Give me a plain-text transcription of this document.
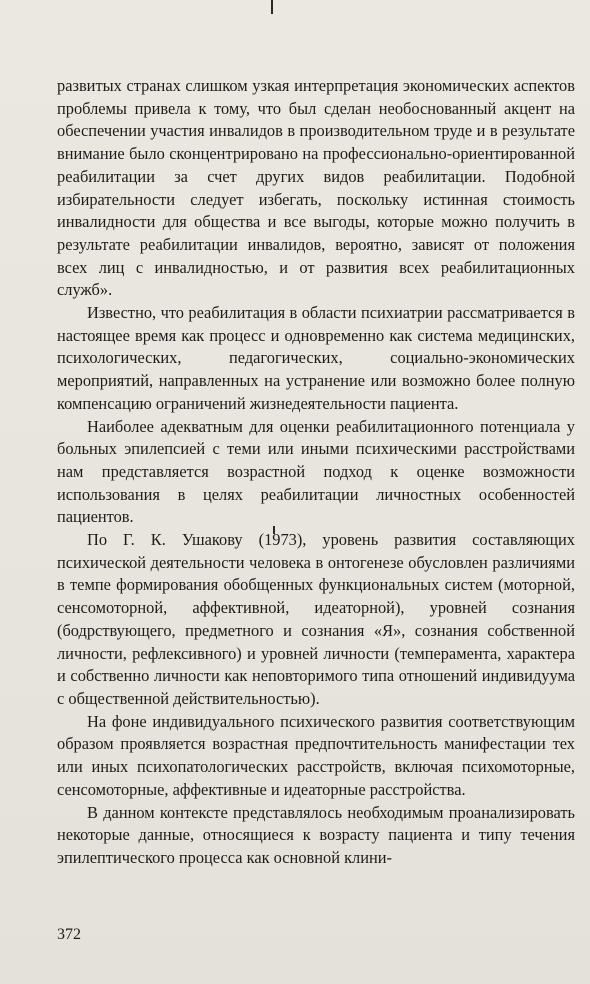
развитых странах слишком узкая интерпретация экономических аспектов проблемы привела к тому, что был сделан необоснованный акцент на обеспечении участия инвалидов в производительном труде и в результате внимание было сконцентрировано на профессионально-ориентированной реабилитации за счет других видов реабилитации. Подобной избирательности следует избегать, поскольку истинная стоимость инвалидности для общества и все выгоды, которые можно получить в результате реабилитации инвалидов, вероятно, зависят от положения всех лиц с инвалидностью, и от развития всех реабилитационных служб».

Известно, что реабилитация в области психиатрии рассматривается в настоящее время как процесс и одновременно как система медицинских, психологических, педагогических, социально-экономических мероприятий, направленных на устранение или возможно более полную компенсацию ограничений жизнедеятельности пациента.

Наиболее адекватным для оценки реабилитационного потенциала у больных эпилепсией с теми или иными психическими расстройствами нам представляется возрастной подход к оценке возможности использования в целях реабилитации личностных особенностей пациентов.

По Г. К. Ушакову (1973), уровень развития составляющих психической деятельности человека в онтогенезе обусловлен различиями в темпе формирования обобщенных функциональных систем (моторной, сенсомоторной, аффективной, идеаторной), уровней сознания (бодрствующего, предметного и сознания «Я», сознания собственной личности, рефлексивного) и уровней личности (темперамента, характера и собственно личности как неповторимого типа отношений индивидуума с общественной действительностью).

На фоне индивидуального психического развития соответствующим образом проявляется возрастная предпочтительность манифестации тех или иных психопатологических расстройств, включая психомоторные, сенсомоторные, аффективные и идеаторные расстройства.

В данном контексте представлялось необходимым проанализировать некоторые данные, относящиеся к возрасту пациента и типу течения эпилептического процесса как основной клини-

372
